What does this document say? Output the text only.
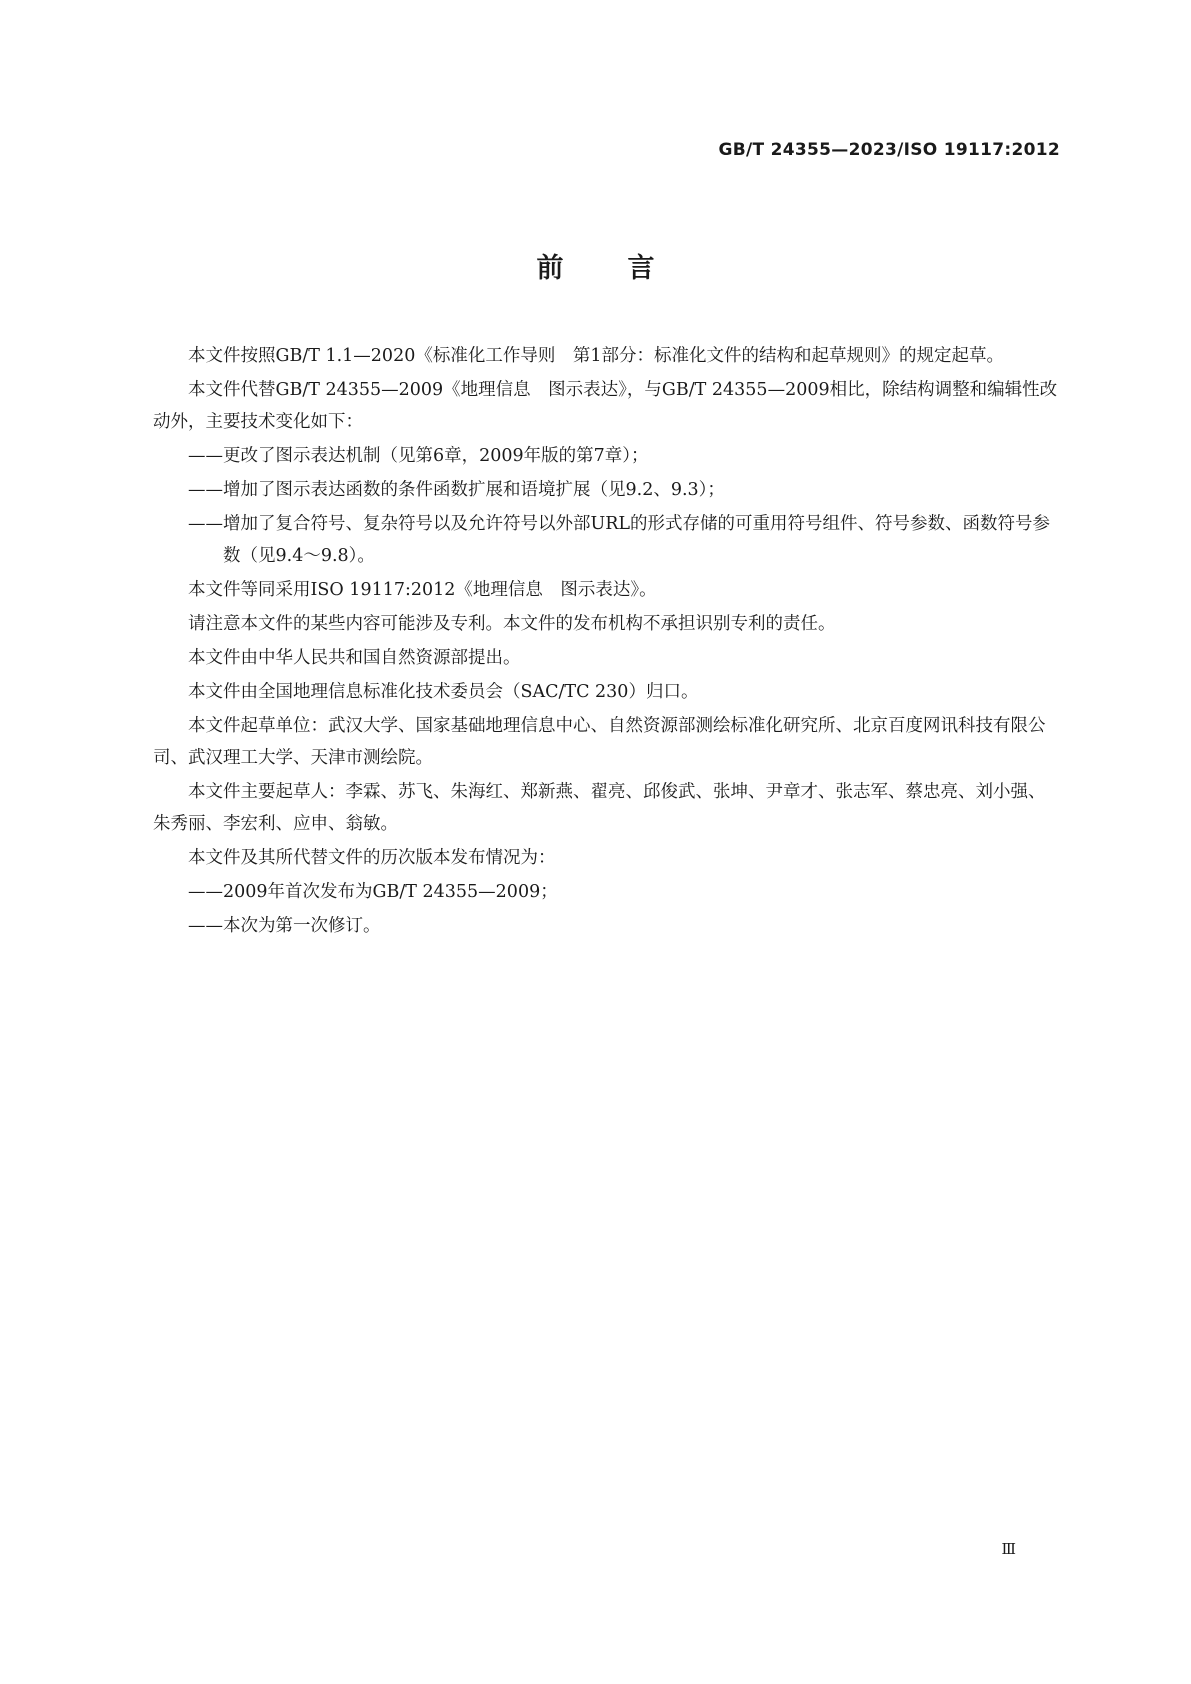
GB/T 24355—2023/ISO 19117:2012
前言

本文件按照GB/T 1.1—2020《标准化工作导则　第1部分：标准化文件的结构和起草规则》的规定起草。

本文件代替GB/T 24355—2009《地理信息　图示表达》，与GB/T 24355—2009相比，除结构调整和编辑性改动外，主要技术变化如下：

——更改了图示表达机制（见第6章，2009年版的第7章）；

——增加了图示表达函数的条件函数扩展和语境扩展（见9.2、9.3）；

——增加了复合符号、复杂符号以及允许符号以外部URL的形式存储的可重用符号组件、符号参数、函数符号参数（见9.4～9.8）。

本文件等同采用ISO 19117:2012《地理信息　图示表达》。

请注意本文件的某些内容可能涉及专利。本文件的发布机构不承担识别专利的责任。

本文件由中华人民共和国自然资源部提出。

本文件由全国地理信息标准化技术委员会（SAC/TC 230）归口。

本文件起草单位：武汉大学、国家基础地理信息中心、自然资源部测绘标准化研究所、北京百度网讯科技有限公司、武汉理工大学、天津市测绘院。

本文件主要起草人：李霖、苏飞、朱海红、郑新燕、翟亮、邱俊武、张坤、尹章才、张志军、蔡忠亮、刘小强、朱秀丽、李宏利、应申、翁敏。

本文件及其所代替文件的历次版本发布情况为：

——2009年首次发布为GB/T 24355—2009；

——本次为第一次修订。

Ⅲ
